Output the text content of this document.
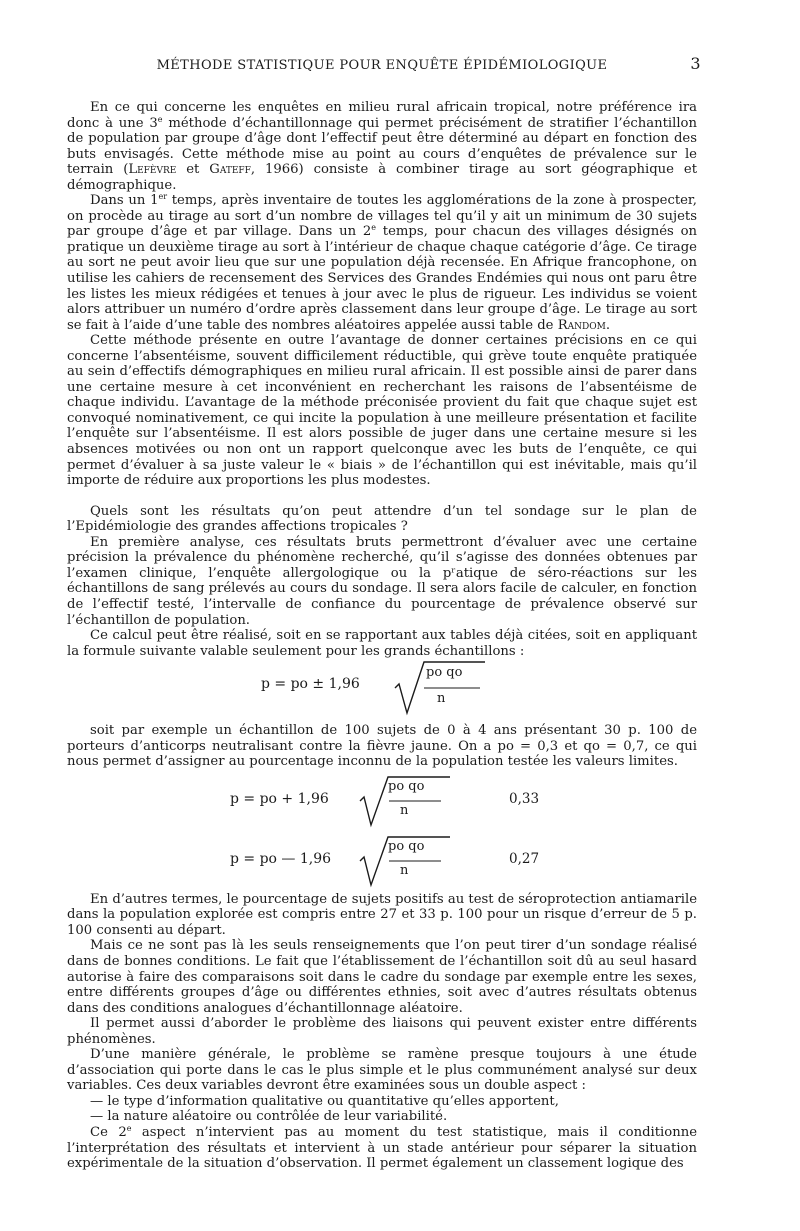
MÉTHODE STATISTIQUE POUR ENQUÊTE ÉPIDÉMIOLOGIQUE	3

En ce qui concerne les enquêtes en milieu rural africain tropical, notre préférence ira donc à une 3e méthode d’échantillonnage qui permet précisément de stratifier l’échantillon de population par groupe d’âge dont l’effectif peut être déterminé au départ en fonction des buts envisagés. Cette méthode mise au point au cours d’enquêtes de prévalence sur le terrain (Lefèvre et Gateff, 1966) consiste à combiner tirage au sort géographique et démographique.

Dans un 1er temps, après inventaire de toutes les agglomérations de la zone à prospecter, on procède au tirage au sort d’un nombre de villages tel qu’il y ait un minimum de 30 sujets par groupe d’âge et par village. Dans un 2e temps, pour chacun des villages désignés on pratique un deuxième tirage au sort à l’intérieur de chaque chaque catégorie d’âge. Ce tirage au sort ne peut avoir lieu que sur une population déjà recensée. En Afrique francophone, on utilise les cahiers de recensement des Services des Grandes Endémies qui nous ont paru être les listes les mieux rédigées et tenues à jour avec le plus de rigueur. Les individus se voient alors attribuer un numéro d’ordre après classement dans leur groupe d’âge. Le tirage au sort se fait à l’aide d’une table des nombres aléatoires appelée aussi table de Random.

Cette méthode présente en outre l’avantage de donner certaines précisions en ce qui concerne l’absentéisme, souvent difficilement réductible, qui grève toute enquête pratiquée au sein d’effectifs démographiques en milieu rural africain. Il est possible ainsi de parer dans une certaine mesure à cet inconvénient en recherchant les raisons de l’absentéisme de chaque individu. L’avantage de la méthode préconisée provient du fait que chaque sujet est convoqué nominativement, ce qui incite la population à une meilleure présentation et facilite l’enquête sur l’absentéisme. Il est alors possible de juger dans une certaine mesure si les absences motivées ou non ont un rapport quelconque avec les buts de l’enquête, ce qui permet d’évaluer à sa juste valeur le « biais » de l’échantillon qui est inévitable, mais qu’il importe de réduire aux proportions les plus modestes.

Quels sont les résultats qu’on peut attendre d’un tel sondage sur le plan de l’Epidémiologie des grandes affections tropicales ?

En première analyse, ces résultats bruts permettront d’évaluer avec une certaine précision la prévalence du phénomène recherché, qu’il s’agisse des données obtenues par l’examen clinique, l’enquête allergologique ou la pʳatique de séro-réactions sur les échantillons de sang prélevés au cours du sondage. Il sera alors facile de calculer, en fonction de l’effectif testé, l’intervalle de confiance du pourcentage de prévalence observé sur l’échantillon de population.

Ce calcul peut être réalisé, soit en se rapportant aux tables déjà citées, soit en appliquant la formule suivante valable seulement pour les grands échantillons :

p = po ± 1,96
po qo
n

soit par exemple un échantillon de 100 sujets de 0 à 4 ans présentant 30 p. 100 de porteurs d’anticorps neutralisant contre la fièvre jaune. On a po = 0,3 et qo = 0,7, ce qui nous permet d’assigner au pourcentage inconnu de la population testée les valeurs limites.

p = po + 1,96
po qo
n
0,33
p = po — 1,96
po qo
n
0,27

En d’autres termes, le pourcentage de sujets positifs au test de séroprotection antiamarile dans la population explorée est compris entre 27 et 33 p. 100 pour un risque d’erreur de 5 p. 100 consenti au départ.

Mais ce ne sont pas là les seuls renseignements que l’on peut tirer d’un sondage réalisé dans de bonnes conditions. Le fait que l’établissement de l’échantillon soit dû au seul hasard autorise à faire des comparaisons soit dans le cadre du sondage par exemple entre les sexes, entre différents groupes d’âge ou différentes ethnies, soit avec d’autres résultats obtenus dans des conditions analogues d’échantillonnage aléatoire.

Il permet aussi d’aborder le problème des liaisons qui peuvent exister entre différents phénomènes.

D’une manière générale, le problème se ramène presque toujours à une étude d’association qui porte dans le cas le plus simple et le plus communément analysé sur deux variables. Ces deux variables devront être examinées sous un double aspect :

— le type d’information qualitative ou quantitative qu’elles apportent,

— la nature aléatoire ou contrôlée de leur variabilité.

Ce 2e aspect n’intervient pas au moment du test statistique, mais il conditionne l’interprétation des résultats et intervient à un stade antérieur pour séparer la situation expérimentale de la situation d’observation. Il permet également un classement logique des
